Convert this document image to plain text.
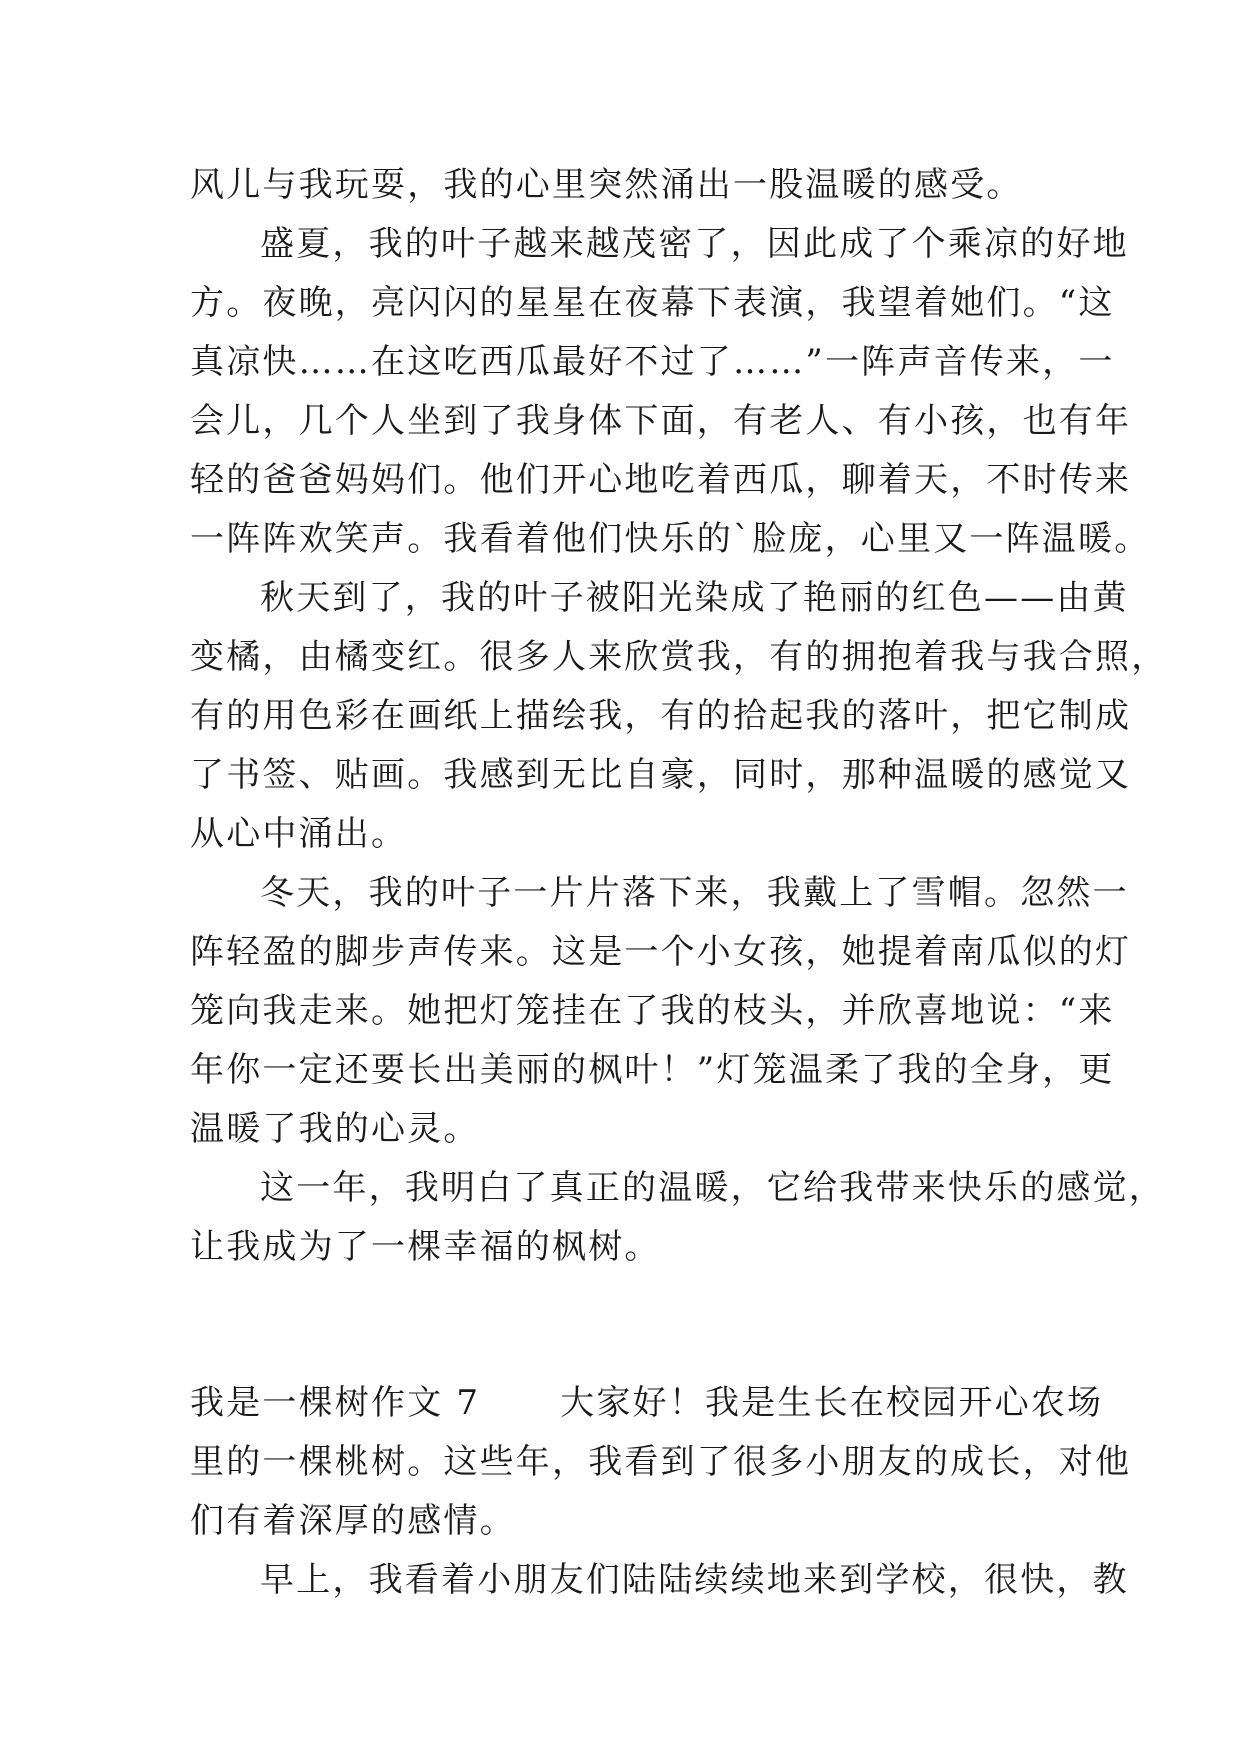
风儿与我玩耍，我的心里突然涌出一股温暖的感受。
盛夏，我的叶子越来越茂密了，因此成了个乘凉的好地
方。夜晚，亮闪闪的星星在夜幕下表演，我望着她们。“这
真凉快……在这吃西瓜最好不过了……”一阵声音传来，一
会儿，几个人坐到了我身体下面，有老人、有小孩，也有年
轻的爸爸妈妈们。他们开心地吃着西瓜，聊着天，不时传来
一阵阵欢笑声。我看着他们快乐的`脸庞，心里又一阵温暖。
秋天到了，我的叶子被阳光染成了艳丽的红色——由黄
变橘，由橘变红。很多人来欣赏我，有的拥抱着我与我合照，
有的用色彩在画纸上描绘我，有的拾起我的落叶，把它制成
了书签、贴画。我感到无比自豪，同时，那种温暖的感觉又
从心中涌出。
冬天，我的叶子一片片落下来，我戴上了雪帽。忽然一
阵轻盈的脚步声传来。这是一个小女孩，她提着南瓜似的灯
笼向我走来。她把灯笼挂在了我的枝头，并欣喜地说：“来
年你一定还要长出美丽的枫叶！”灯笼温柔了我的全身，更
温暖了我的心灵。
这一年，我明白了真正的温暖，它给我带来快乐的感觉，
让我成为了一棵幸福的枫树。
我是一棵树作文 7 大家好！我是生长在校园开心农场
里的一棵桃树。这些年，我看到了很多小朋友的成长，对他
们有着深厚的感情。
早上，我看着小朋友们陆陆续续地来到学校，很快，教
